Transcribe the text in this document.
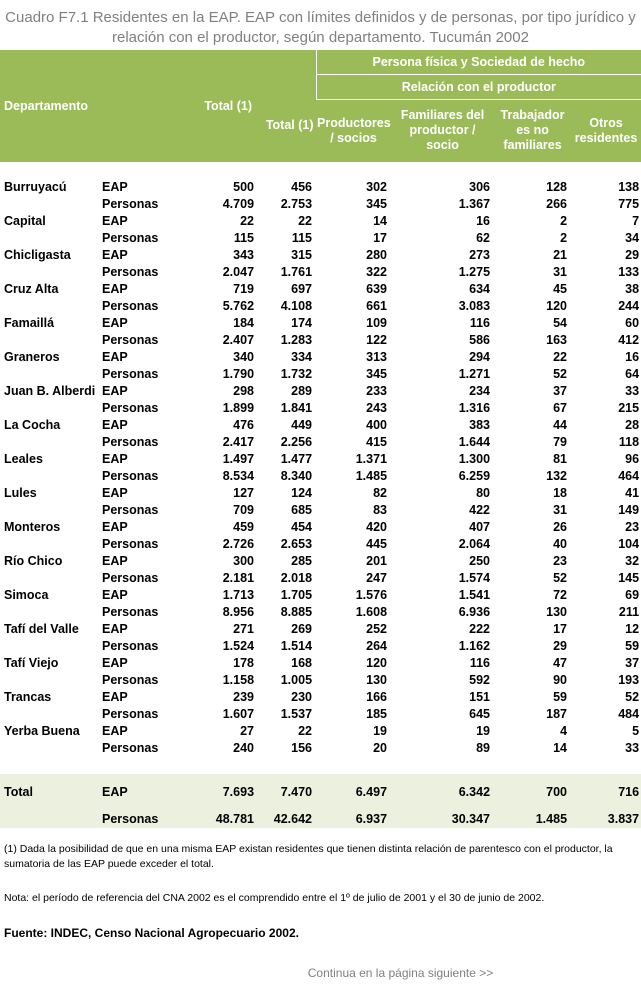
Cuadro F7.1 Residentes en la EAP. EAP con límites definidos y de personas, por tipo jurídico y relación con el productor, según departamento. Tucumán 2002
Departamento		Total (1)	Total (1)	Persona física y Sociedad de hecho			
				Relación con el productor			
				Productores / socios	Familiares del productor / socio	Trabajador es no familiares	Otros residentes

Burruyacú	EAP	500	456	302	306	128	138
	Personas	4.709	2.753	345	1.367	266	775
Capital	EAP	22	22	14	16	2	7
	Personas	115	115	17	62	2	34
Chicligasta	EAP	343	315	280	273	21	29
	Personas	2.047	1.761	322	1.275	31	133
Cruz Alta	EAP	719	697	639	634	45	38
	Personas	5.762	4.108	661	3.083	120	244
Famaillá	EAP	184	174	109	116	54	60
	Personas	2.407	1.283	122	586	163	412
Graneros	EAP	340	334	313	294	22	16
	Personas	1.790	1.732	345	1.271	52	64
Juan B. Alberdi	EAP	298	289	233	234	37	33
	Personas	1.899	1.841	243	1.316	67	215
La Cocha	EAP	476	449	400	383	44	28
	Personas	2.417	2.256	415	1.644	79	118
Leales	EAP	1.497	1.477	1.371	1.300	81	96
	Personas	8.534	8.340	1.485	6.259	132	464
Lules	EAP	127	124	82	80	18	41
	Personas	709	685	83	422	31	149
Monteros	EAP	459	454	420	407	26	23
	Personas	2.726	2.653	445	2.064	40	104
Río Chico	EAP	300	285	201	250	23	32
	Personas	2.181	2.018	247	1.574	52	145
Simoca	EAP	1.713	1.705	1.576	1.541	72	69
	Personas	8.956	8.885	1.608	6.936	130	211
Tafí del Valle	EAP	271	269	252	222	17	12
	Personas	1.524	1.514	264	1.162	29	59
Tafí Viejo	EAP	178	168	120	116	47	37
	Personas	1.158	1.005	130	592	90	193
Trancas	EAP	239	230	166	151	59	52
	Personas	1.607	1.537	185	645	187	484
Yerba Buena	EAP	27	22	19	19	4	5
	Personas	240	156	20	89	14	33

Total	EAP	7.693	7.470	6.497	6.342	700	716

	Personas	48.781	42.642	6.937	30.347	1.485	3.837
(1) Dada la posibilidad de que en una misma EAP existan residentes que tienen distinta relación de parentesco con el productor, la sumatoria de las EAP puede exceder el total.
Nota: el período de referencia del CNA 2002 es el comprendido entre el 1º de julio de 2001 y el 30 de junio de 2002.
Fuente: INDEC, Censo Nacional Agropecuario 2002.
Continua en la página siguiente >>
